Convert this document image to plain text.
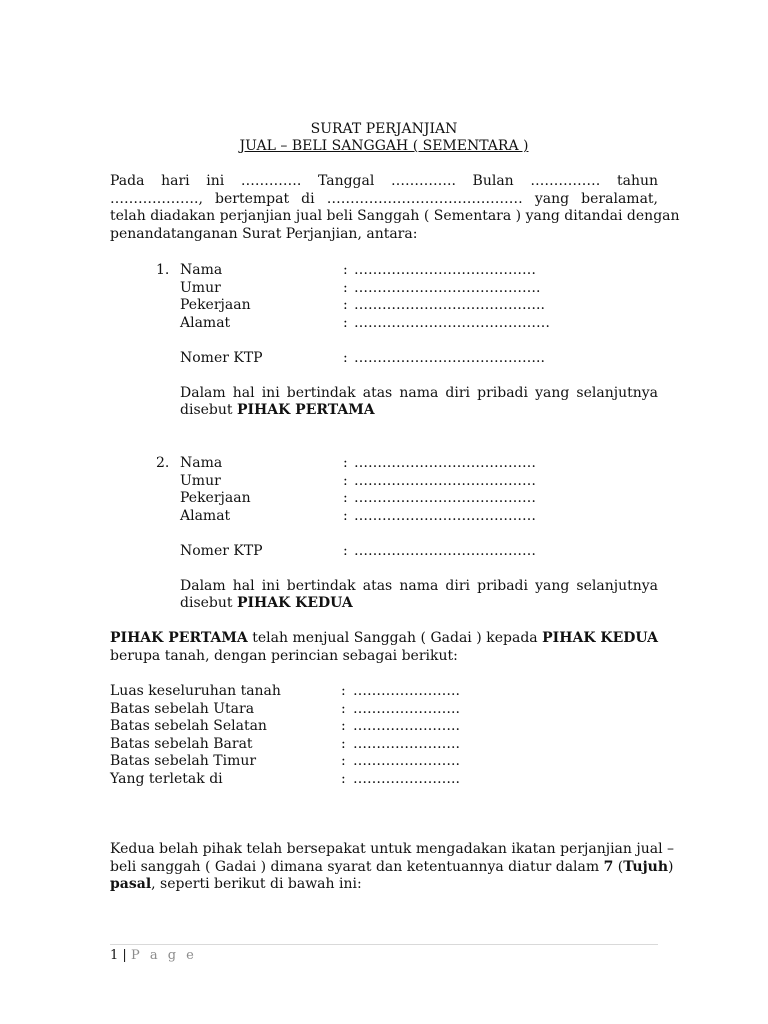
SURAT PERJANJIAN
JUAL – BELI SANGGAH ( SEMENTARA )
Pada hari ini …………. Tanggal ………….. Bulan …………… tahun
………………., bertempat di …………………………………… yang beralamat,
telah diadakan perjanjian jual beli Sanggah ( Sementara ) yang ditandai dengan
penandatanganan Surat Perjanjian, antara:
1. Nama	: …………………………………
Umur	: ………………………………….
Pekerjaan	: …………………………………..
Alamat	: ……………………………………
Nomer KTP	: …………………………………..
Dalam hal ini bertindak atas nama diri pribadi yang selanjutnya
disebut PIHAK PERTAMA
2. Nama	: …………………………………
Umur	: …………………………………
Pekerjaan	: …………………………………
Alamat	: …………………………………
Nomer KTP	: …………………………………
Dalam hal ini bertindak atas nama diri pribadi yang selanjutnya
disebut PIHAK KEDUA
PIHAK PERTAMA telah menjual Sanggah ( Gadai ) kepada PIHAK KEDUA
berupa tanah, dengan perincian sebagai berikut:
Luas keseluruhan tanah	: …………………..
Batas sebelah Utara	: …………………..
Batas sebelah Selatan	: …………………..
Batas sebelah Barat	: …………………..
Batas sebelah Timur	: …………………..
Yang terletak di	: …………………..
Kedua belah pihak telah bersepakat untuk mengadakan ikatan perjanjian jual –
beli sanggah ( Gadai ) dimana syarat dan ketentuannya diatur dalam 7 (Tujuh)
pasal, seperti berikut di bawah ini:
1 | P a g e
